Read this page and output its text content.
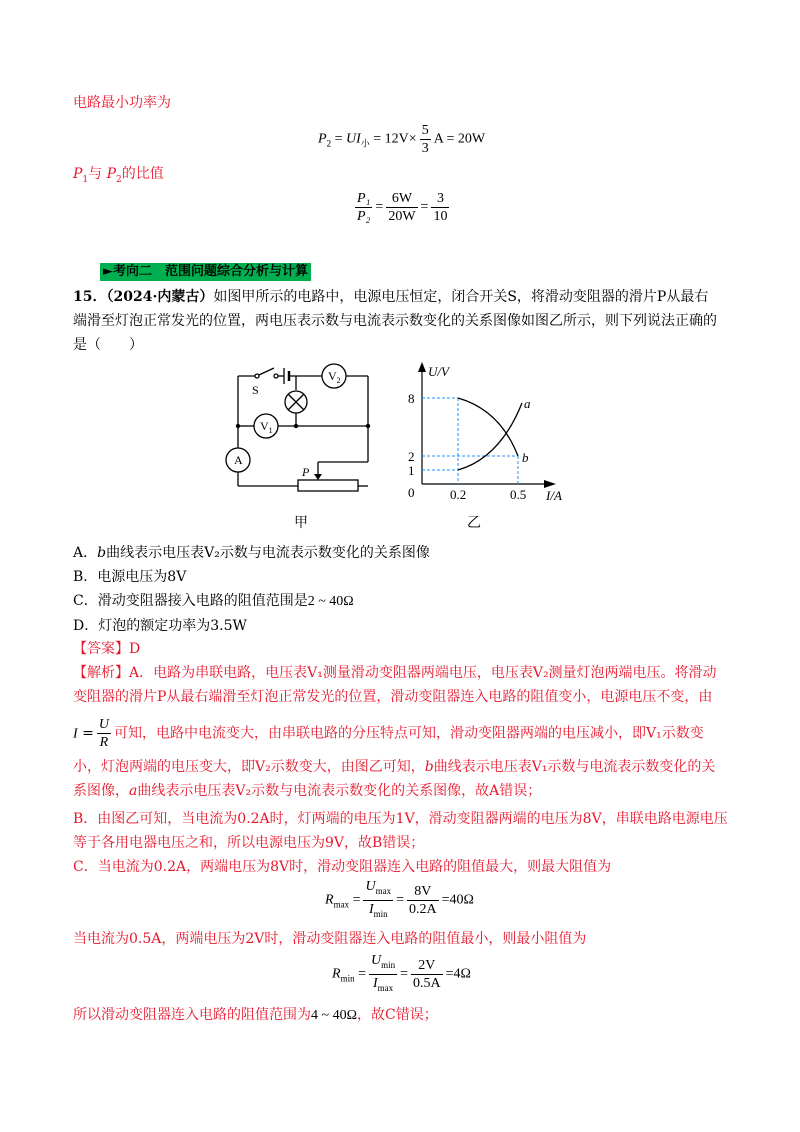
电路最小功率为
$P_2 = UI_小 = 12V\times \frac{5}{3}$ A = 20W
$P_1$与 $P_2$的比值
$\frac{\text{P₁}}{\text{P₂}} = \frac{6W}{20W} = \frac{3}{10}$
►考向二　范围问题综合分析与计算
15．（2024·内蒙古）如图甲所示的电路中，电源电压恒定，闭合开关S，将滑动变阻器的滑片P从最右
端滑至灯泡正常发光的位置，两电压表示数与电流表示数变化的关系图像如图乙所示，则下列说法正确的
是（　　）
S
$V_2$
$V_1$
A
P
甲
U/V
I/A
8
2
1
0	0.2	0.5
a
b
乙
A．b曲线表示电压表V₂示数与电流表示数变化的关系图像
B．电源电压为8V
C．滑动变阻器接入电路的阻值范围是2 ~ 40Ω
D．灯泡的额定功率为3.5W
【答案】D
【解析】A．电路为串联电路，电压表V₁测量滑动变阻器两端电压，电压表V₂测量灯泡两端电压。将滑动
变阻器的滑片P从最右端滑至灯泡正常发光的位置，滑动变阻器连入电路的阻值变小，电源电压不变，由
$I = \frac{U}{R}$ 可知，电路中电流变大，由串联电路的分压特点可知，滑动变阻器两端的电压减小，即V₁示数变
小，灯泡两端的电压变大，即V₂示数变大，由图乙可知，b曲线表示电压表V₁示数与电流表示数变化的关
系图像，a曲线表示电压表V₂示数与电流表示数变化的关系图像，故A错误；
B．由图乙可知，当电流为0.2A时，灯两端的电压为1V，滑动变阻器两端的电压为8V，串联电路电源电压
等于各用电器电压之和，所以电源电压为9V，故B错误；
C．当电流为0.2A，两端电压为8V时，滑动变阻器连入电路的阻值最大，则最大阻值为
$R_{max} = \frac{U_{max}}{I_{min}} = \frac{8V}{0.2A} =40\Omega$
当电流为0.5A，两端电压为2V时，滑动变阻器连入电路的阻值最小，则最小阻值为
$R_{min} = \frac{U_{min}}{I_{max}} = \frac{2V}{0.5A} =4\Omega$
所以滑动变阻器连入电路的阻值范围为4 ~ 40Ω，故C错误；
